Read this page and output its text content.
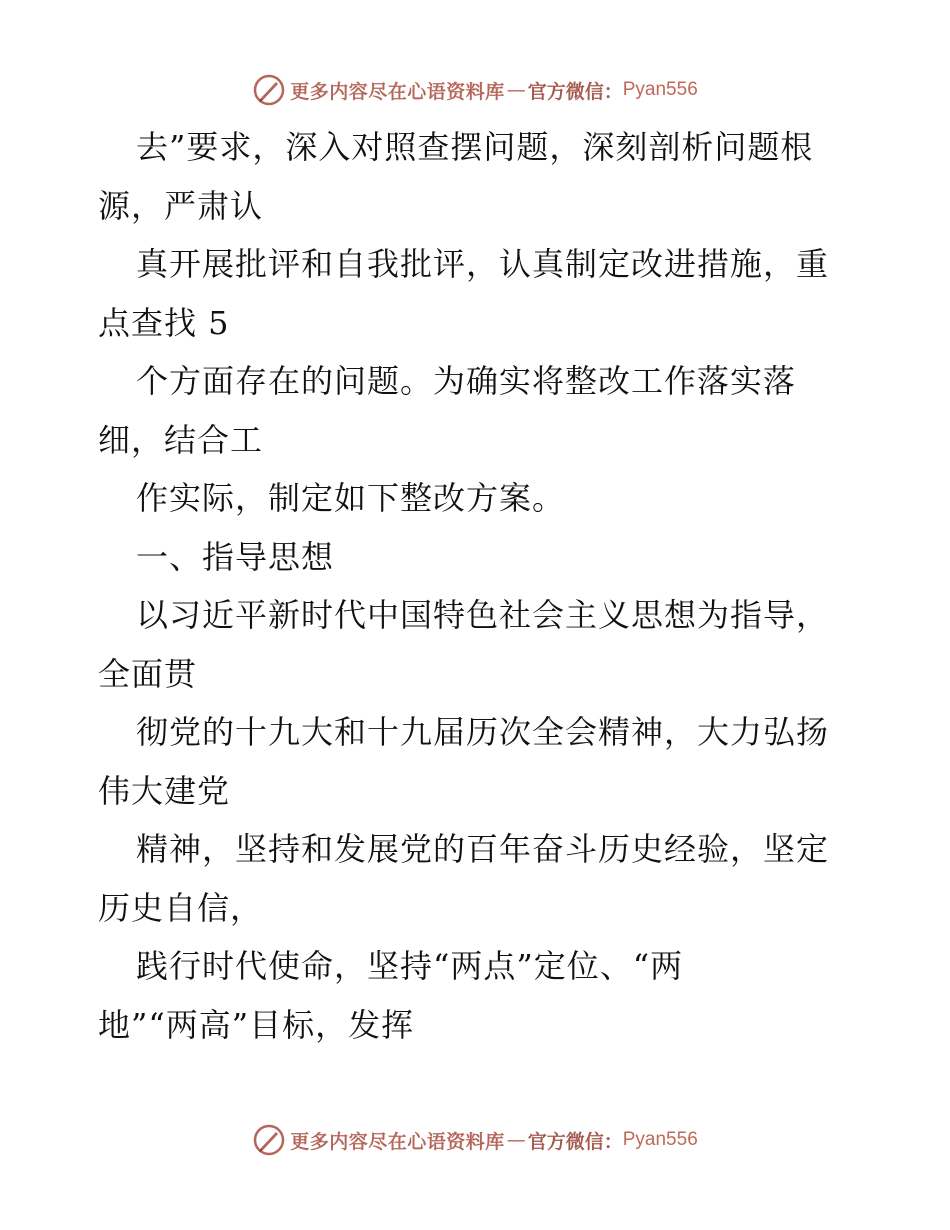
更多内容尽在心语资料库 — 官方微信： Pyan556
去”要求，深入对照查摆问题，深刻剖析问题根
源，严肃认
真开展批评和自我批评，认真制定改进措施，重
点查找 5
个方面存在的问题。为确实将整改工作落实落
细，结合工
作实际，制定如下整改方案。
一、指导思想
以习近平新时代中国特色社会主义思想为指导，
全面贯
彻党的十九大和十九届历次全会精神，大力弘扬
伟大建党
精神，坚持和发展党的百年奋斗历史经验，坚定
历史自信，
践行时代使命，坚持“两点”定位、“两
地”“两高”目标，发挥
更多内容尽在心语资料库 — 官方微信： Pyan556
